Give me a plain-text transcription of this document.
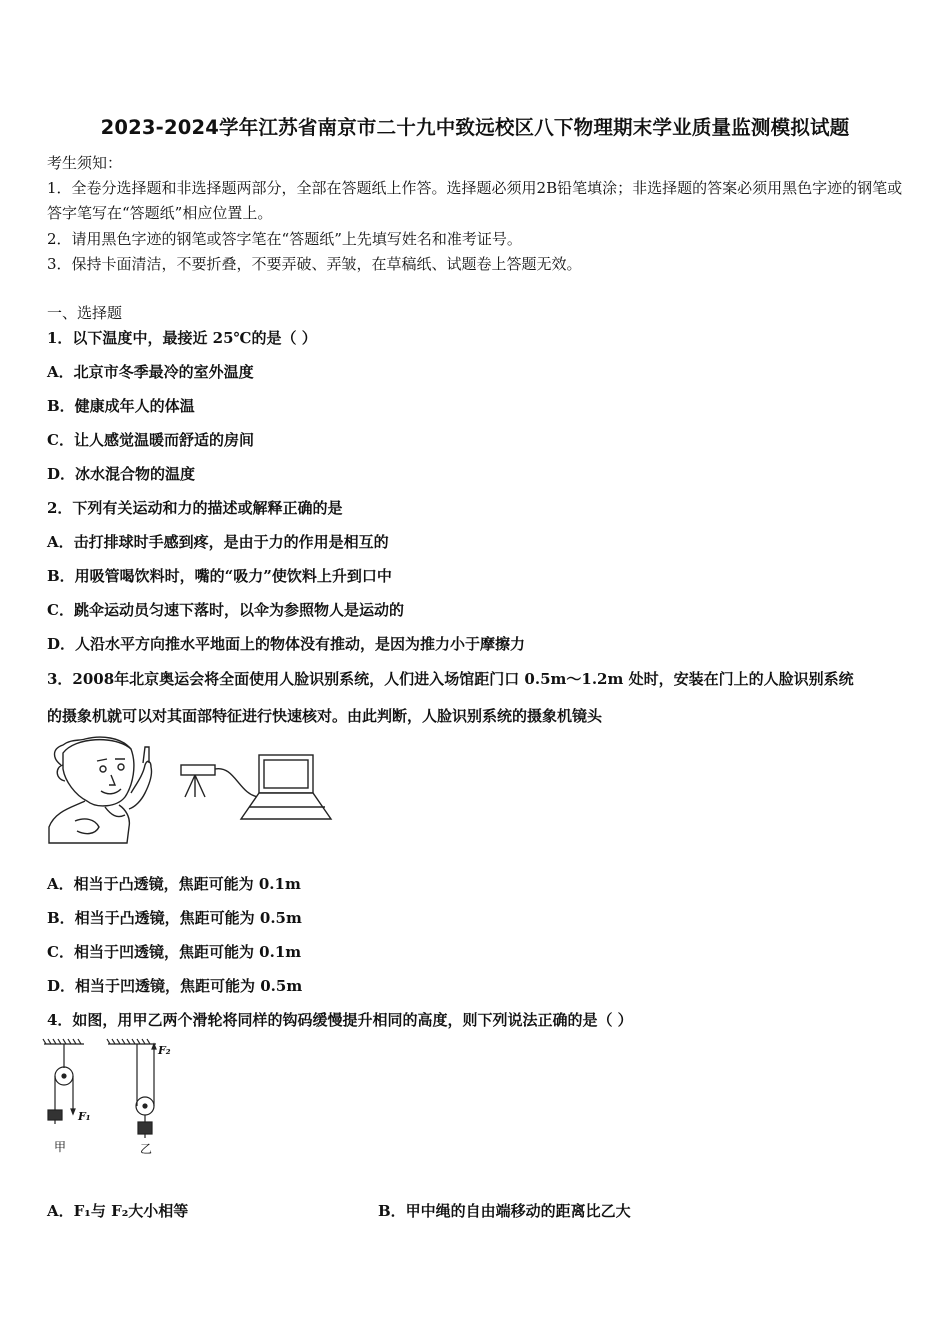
2023-2024学年江苏省南京市二十九中致远校区八下物理期末学业质量监测模拟试题
考生须知：
1．全卷分选择题和非选择题两部分，全部在答题纸上作答。选择题必须用2B铅笔填涂；非选择题的答案必须用黑色字迹的钢笔或答字笔写在“答题纸”相应位置上。
2．请用黑色字迹的钢笔或答字笔在“答题纸”上先填写姓名和准考证号。
3．保持卡面清洁，不要折叠，不要弄破、弄皱，在草稿纸、试题卷上答题无效。
一、选择题
1．以下温度中，最接近 25℃的是（ ）
A．北京市冬季最冷的室外温度
B．健康成年人的体温
C．让人感觉温暖而舒适的房间
D．冰水混合物的温度
2．下列有关运动和力的描述或解释正确的是
A．击打排球时手感到疼，是由于力的作用是相互的
B．用吸管喝饮料时，嘴的“吸力”使饮料上升到口中
C．跳伞运动员匀速下落时，以伞为参照物人是运动的
D．人沿水平方向推水平地面上的物体没有推动，是因为推力小于摩擦力
3．2008年北京奥运会将全面使用人脸识别系统，人们进入场馆距门口 0.5m～1.2m 处时，安装在门上的人脸识别系统
的摄象机就可以对其面部特征进行快速核对。由此判断，人脸识别系统的摄象机镜头
A．相当于凸透镜，焦距可能为 0.1m
B．相当于凸透镜，焦距可能为 0.5m
C．相当于凹透镜，焦距可能为 0.1m
D．相当于凹透镜，焦距可能为 0.5m
4．如图，用甲乙两个滑轮将同样的钩码缓慢提升相同的高度，则下列说法正确的是（ ）
F₁
F₂
甲	乙
A．F₁与 F₂大小相等	B．甲中绳的自由端移动的距离比乙大
